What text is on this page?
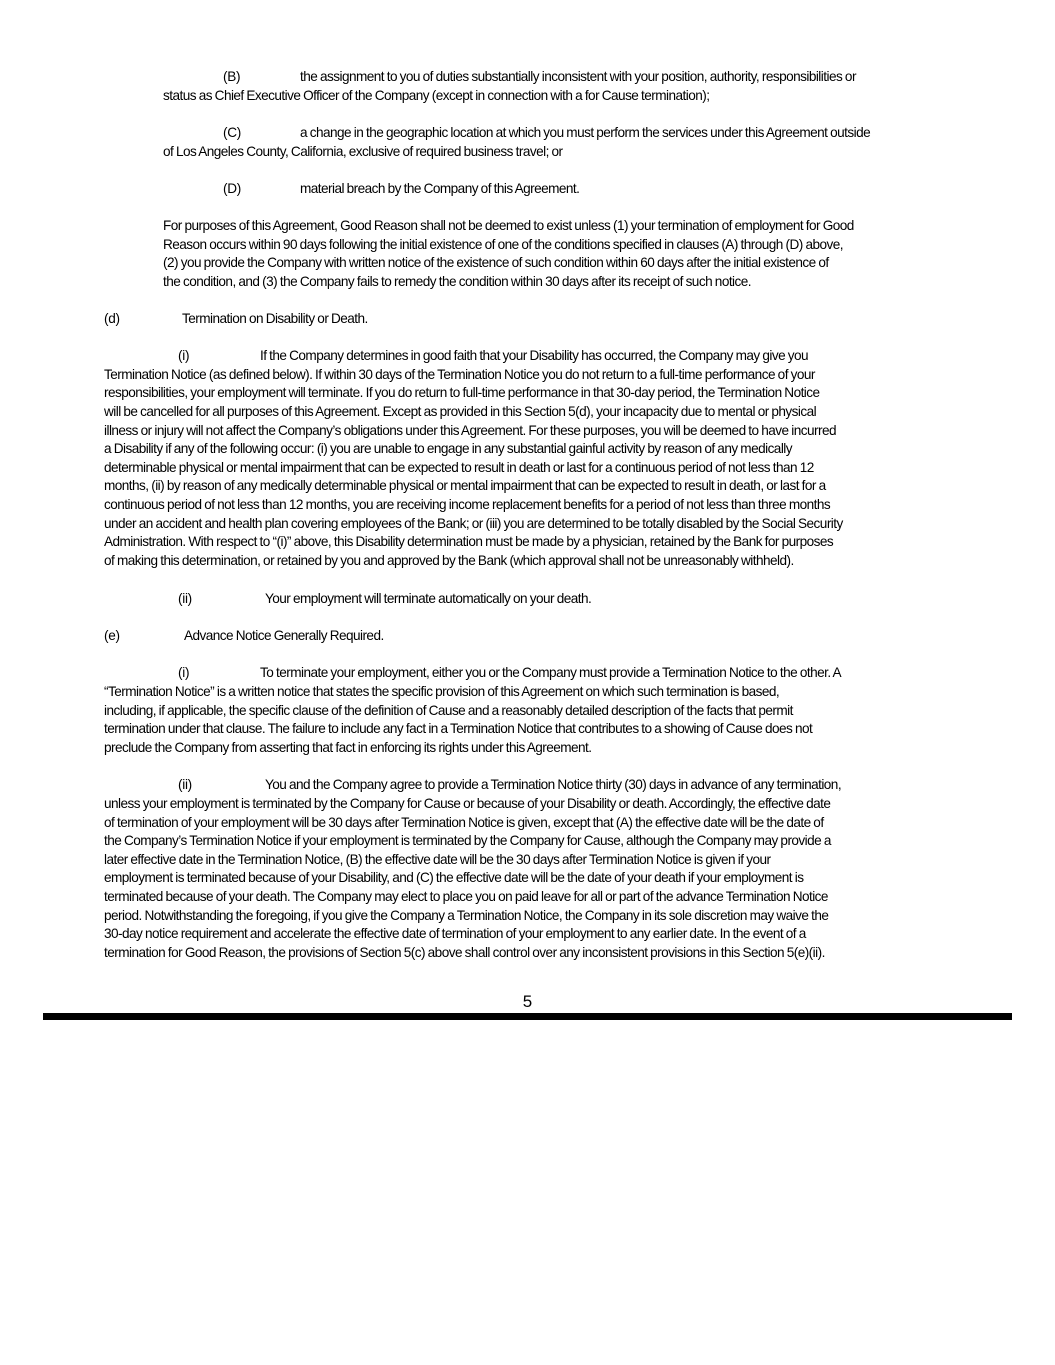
(B)	the assignment to you of duties substantially inconsistent with your position, authority, responsibilities or
status as Chief Executive Officer of the Company (except in connection with a for Cause termination);
(C)	a change in the geographic location at which you must perform the services under this Agreement outside
of Los Angeles County, California, exclusive of required business travel; or
(D)	material breach by the Company of this Agreement.
For purposes of this Agreement, Good Reason shall not be deemed to exist unless (1) your termination of employment for Good
Reason occurs within 90 days following the initial existence of one of the conditions specified in clauses (A) through (D) above,
(2) you provide the Company with written notice of the existence of such condition within 60 days after the initial existence of
the condition, and (3) the Company fails to remedy the condition within 30 days after its receipt of such notice.
(d)	Termination on Disability or Death.
(i)	If the Company determines in good faith that your Disability has occurred, the Company may give you
Termination Notice (as defined below). If within 30 days of the Termination Notice you do not return to a full-time performance of your
responsibilities, your employment will terminate. If you do return to full-time performance in that 30-day period, the Termination Notice
will be cancelled for all purposes of this Agreement. Except as provided in this Section 5(d), your incapacity due to mental or physical
illness or injury will not affect the Company’s obligations under this Agreement. For these purposes, you will be deemed to have incurred
a Disability if any of the following occur: (i) you are unable to engage in any substantial gainful activity by reason of any medically
determinable physical or mental impairment that can be expected to result in death or last for a continuous period of not less than 12
months, (ii) by reason of any medically determinable physical or mental impairment that can be expected to result in death, or last for a
continuous period of not less than 12 months, you are receiving income replacement benefits for a period of not less than three months
under an accident and health plan covering employees of the Bank; or (iii) you are determined to be totally disabled by the Social Security
Administration. With respect to “(i)” above, this Disability determination must be made by a physician, retained by the Bank for purposes
of making this determination, or retained by you and approved by the Bank (which approval shall not be unreasonably withheld).
(ii)	Your employment will terminate automatically on your death.
(e)	Advance Notice Generally Required.
(i)	To terminate your employment, either you or the Company must provide a Termination Notice to the other. A
“Termination Notice” is a written notice that states the specific provision of this Agreement on which such termination is based,
including, if applicable, the specific clause of the definition of Cause and a reasonably detailed description of the facts that permit
termination under that clause. The failure to include any fact in a Termination Notice that contributes to a showing of Cause does not
preclude the Company from asserting that fact in enforcing its rights under this Agreement.
(ii)	You and the Company agree to provide a Termination Notice thirty (30) days in advance of any termination,
unless your employment is terminated by the Company for Cause or because of your Disability or death. Accordingly, the effective date
of termination of your employment will be 30 days after Termination Notice is given, except that (A) the effective date will be the date of
the Company’s Termination Notice if your employment is terminated by the Company for Cause, although the Company may provide a
later effective date in the Termination Notice, (B) the effective date will be the 30 days after Termination Notice is given if your
employment is terminated because of your Disability, and (C) the effective date will be the date of your death if your employment is
terminated because of your death. The Company may elect to place you on paid leave for all or part of the advance Termination Notice
period. Notwithstanding the foregoing, if you give the Company a Termination Notice, the Company in its sole discretion may waive the
30-day notice requirement and accelerate the effective date of termination of your employment to any earlier date. In the event of a
termination for Good Reason, the provisions of Section 5(c) above shall control over any inconsistent provisions in this Section 5(e)(ii).
5
